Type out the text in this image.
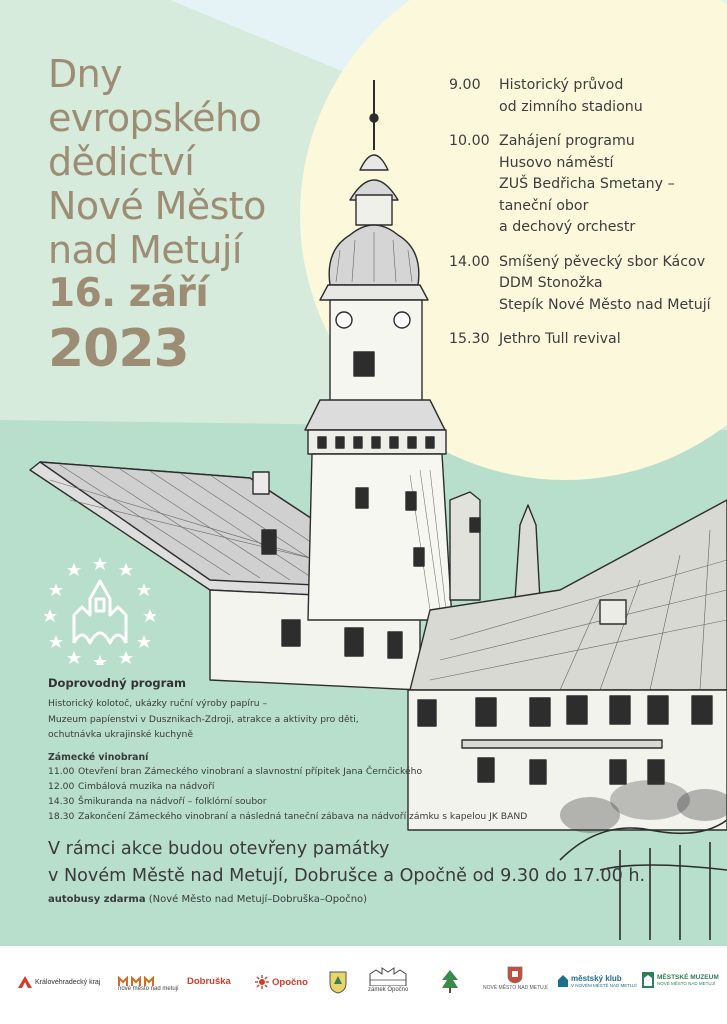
Dny
evropského
dědictví
Nové Město
nad Metují
16. září
2023
9.00	Historický průvod
od zimního stadionu
10.00 Zahájení programu
Husovo náměstí
ZUŠ Bedřicha Smetany –
taneční obor
a dechový orchestr
14.00 Smíšený pěvecký sbor Kácov
DDM Stonožka
Stepík Nové Město nad Metují
15.30 Jethro Tull revival
Doprovodný program

Historický kolotoč, ukázky ruční výroby papíru –

Muzeum papíenstvi v Dusznikach-Zdroji, atrakce a aktivity pro děti,

ochutnávka ukrajinské kuchyně

Zámecké vinobraní
11.00 Otevření bran Zámeckého vinobraní a slavnostní přípitek Jana Černčického
12.00 Cimbálová muzika na nádvoří
14.30 Šmikuranda na nádvoří – folklórní soubor
18.30 Zakončení Zámeckého vinobraní a následná taneční zábava na nádvoří zámku s kapelou JK BAND
V rámci akce budou otevřeny památky
v Novém Městě nad Metují, Dobrušce a Opočně od 9.30 do 17.00 h.
autobusy zdarma (Nové Město nad Metují–Dobruška–Opočno)
Královéhradecký kraj
nové město nad metují
Dobruška	Opočno
zámek Opočno	NOVÉ MĚSTO NAD METUJÍ
městský klub
V NOVÉM MĚSTĚ NAD METUJÍ
MĚSTSKÉ MUZEUM
NOVÉ MĚSTO NAD METUJÍ
